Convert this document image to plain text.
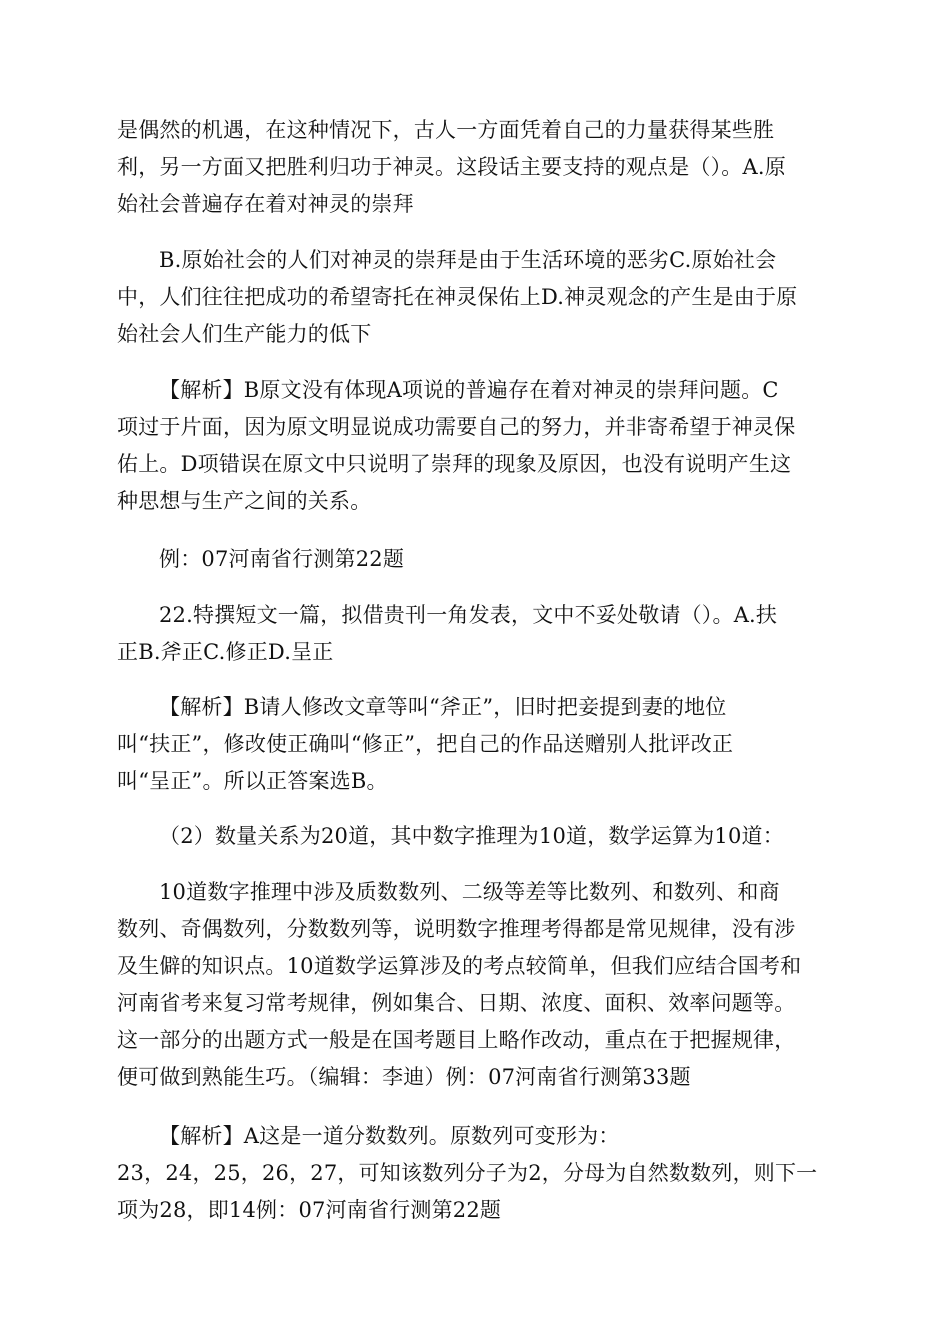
是偶然的机遇，在这种情况下，古人一方面凭着自己的力量获得某些胜
利，另一方面又把胜利归功于神灵。这段话主要支持的观点是（）。A.原
始社会普遍存在着对神灵的崇拜
B.原始社会的人们对神灵的崇拜是由于生活环境的恶劣C.原始社会
中，人们往往把成功的希望寄托在神灵保佑上D.神灵观念的产生是由于原
始社会人们生产能力的低下
【解析】B原文没有体现A项说的普遍存在着对神灵的崇拜问题。C
项过于片面，因为原文明显说成功需要自己的努力，并非寄希望于神灵保
佑上。D项错误在原文中只说明了崇拜的现象及原因，也没有说明产生这
种思想与生产之间的关系。
例：07河南省行测第22题
22.特撰短文一篇，拟借贵刊一角发表，文中不妥处敬请（）。A.扶
正B.斧正C.修正D.呈正
【解析】B请人修改文章等叫“斧正”，旧时把妾提到妻的地位
叫“扶正”，修改使正确叫“修正”，把自己的作品送赠别人批评改正
叫“呈正”。所以正答案选B。
（2）数量关系为20道，其中数字推理为10道，数学运算为10道：
10道数字推理中涉及质数数列、二级等差等比数列、和数列、和商
数列、奇偶数列，分数数列等，说明数字推理考得都是常见规律，没有涉
及生僻的知识点。10道数学运算涉及的考点较简单，但我们应结合国考和
河南省考来复习常考规律，例如集合、日期、浓度、面积、效率问题等。
这一部分的出题方式一般是在国考题目上略作改动，重点在于把握规律，
便可做到熟能生巧。（编辑：李迪）例：07河南省行测第33题
【解析】A这是一道分数数列。原数列可变形为：
23，24，25，26，27，可知该数列分子为2，分母为自然数数列，则下一
项为28，即14例：07河南省行测第22题
